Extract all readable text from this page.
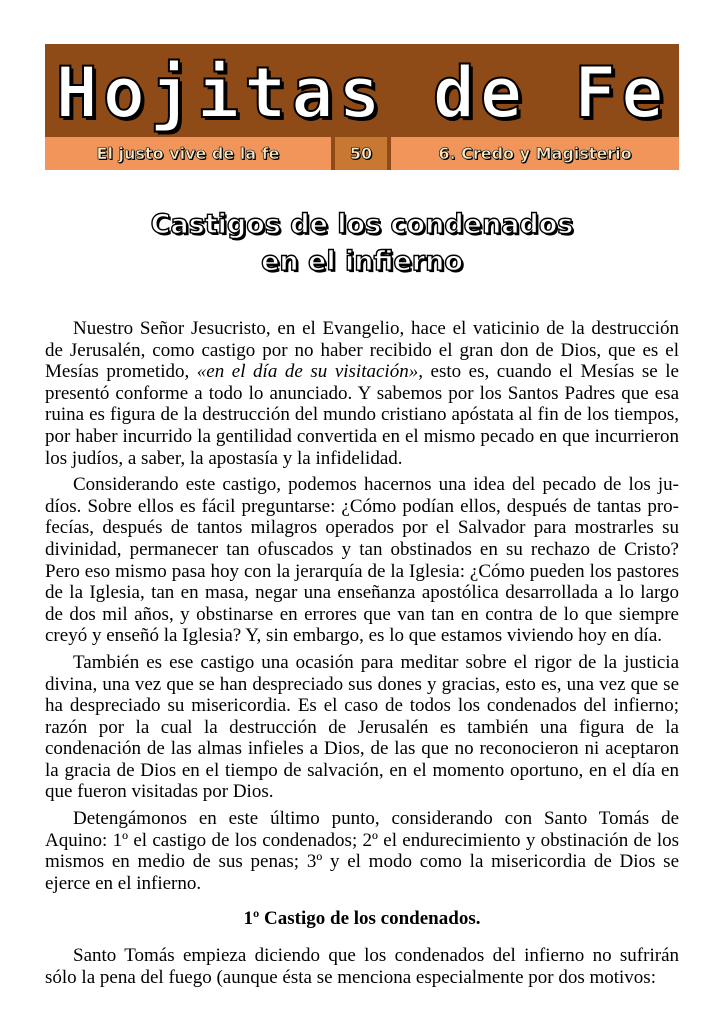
Hojitas de Fe
El justo vive de la fe	50	6. Credo y Magisterio
Castigos de los condenados
en el infierno

Nuestro Señor Jesucristo, en el Evangelio, hace el vaticinio de la destrucción de Jerusalén, como castigo por no haber recibido el gran don de Dios, que es el Mesías prometido, «en el día de su visitación», esto es, cuando el Mesías se le presentó conforme a todo lo anunciado. Y sabemos por los Santos Padres que esa ruina es figura de la destrucción del mundo cristiano apóstata al fin de los tiempos, por haber incurrido la gentilidad convertida en el mismo pecado en que incurrieron los judíos, a saber, la apostasía y la infidelidad.

Considerando este castigo, podemos hacernos una idea del pecado de los judíos. Sobre ellos es fácil preguntarse: ¿Cómo podían ellos, después de tantas profecías, después de tantos milagros operados por el Salvador para mostrarles su divinidad, permanecer tan ofuscados y tan obstinados en su rechazo de Cristo? Pero eso mismo pasa hoy con la jerarquía de la Iglesia: ¿Cómo pueden los pastores de la Iglesia, tan en masa, negar una enseñanza apostólica desarrollada a lo largo de dos mil años, y obstinarse en errores que van tan en contra de lo que siempre creyó y enseñó la Iglesia? Y, sin embargo, es lo que estamos viviendo hoy en día.

También es ese castigo una ocasión para meditar sobre el rigor de la justicia divina, una vez que se han despreciado sus dones y gracias, esto es, una vez que se ha despreciado su misericordia. Es el caso de todos los condenados del infierno; razón por la cual la destrucción de Jerusalén es también una figura de la condenación de las almas infieles a Dios, de las que no reconocieron ni aceptaron la gracia de Dios en el tiempo de salvación, en el momento oportuno, en el día en que fueron visitadas por Dios.

Detengámonos en este último punto, considerando con Santo Tomás de Aquino: 1º el castigo de los condenados; 2º el endurecimiento y obstinación de los mismos en medio de sus penas; 3º y el modo como la misericordia de Dios se ejerce en el infierno.

1º Castigo de los condenados.

Santo Tomás empieza diciendo que los condenados del infierno no sufrirán sólo la pena del fuego (aunque ésta se menciona especialmente por dos motivos:
